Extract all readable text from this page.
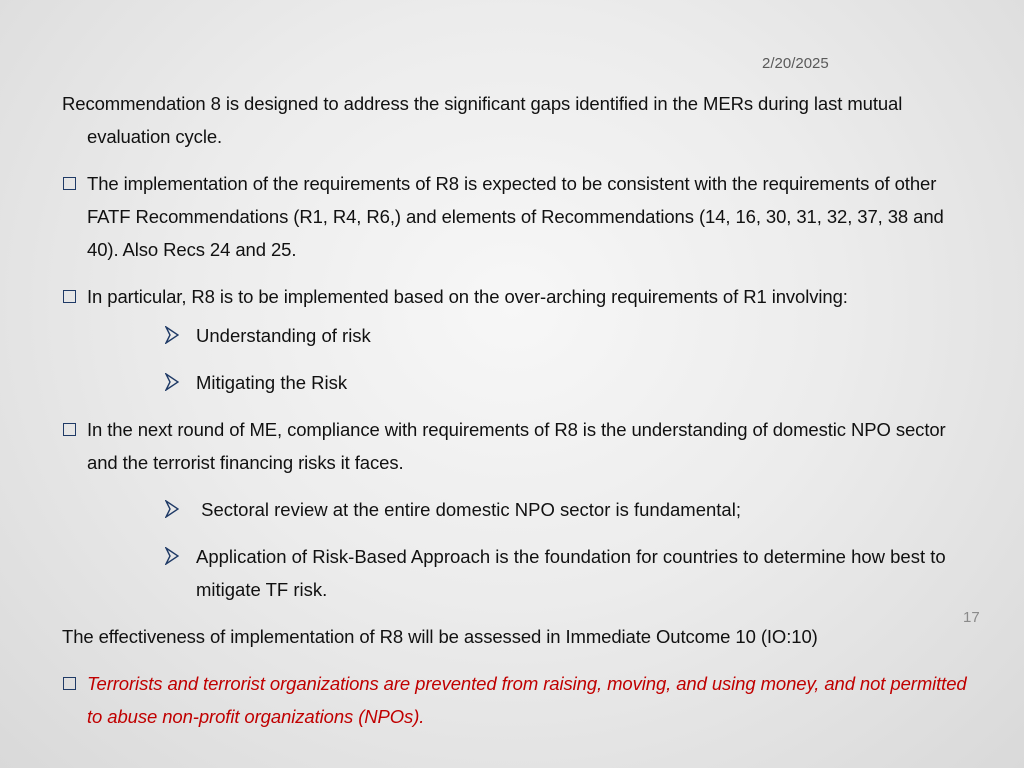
2/20/2025
Recommendation 8 is designed to address the significant gaps identified in the MERs during last mutual evaluation cycle.
The implementation of the requirements of R8 is expected to be consistent with the requirements of other FATF Recommendations (R1, R4, R6,) and elements of Recommendations (14, 16, 30, 31, 32, 37, 38 and 40). Also Recs 24 and 25.
In particular, R8 is to be implemented based on the over-arching requirements of R1 involving:
Understanding of risk
Mitigating the Risk
In the next round of ME, compliance with requirements of R8 is the understanding of domestic NPO sector and the terrorist financing risks it faces.
Sectoral review at the entire domestic NPO sector is fundamental;
Application of Risk-Based Approach is the foundation for countries to determine how best to mitigate TF risk.
17
The effectiveness of implementation of R8 will be assessed in Immediate Outcome 10 (IO:10)
Terrorists and terrorist organizations are prevented from raising, moving, and using money, and not permitted to abuse non-profit organizations (NPOs).
